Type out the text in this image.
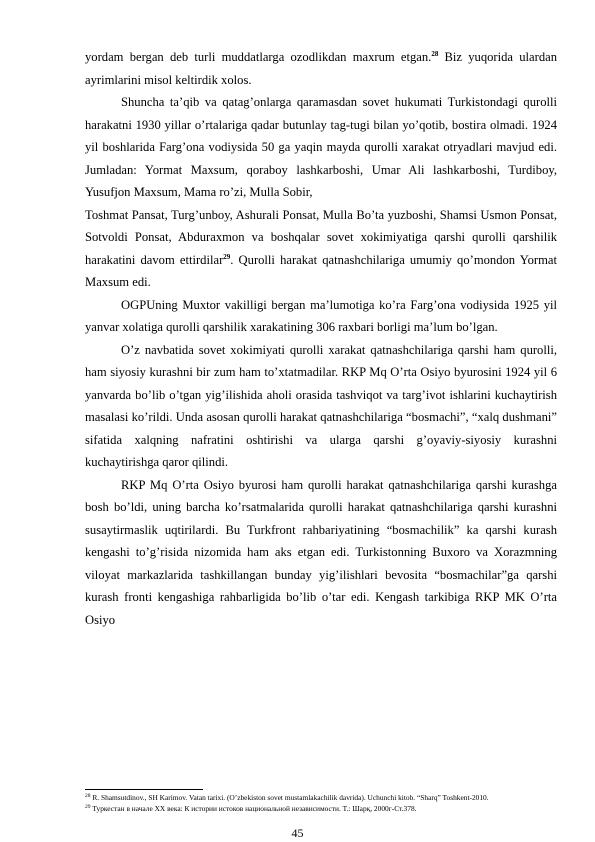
yordam bergan deb turli muddatlarga ozodlikdan maxrum etgan.$^{28}$ Biz yuqorida ulardan ayrimlarini misol keltirdik xolos.

Shuncha ta’qib va qatag’onlarga qaramasdan sovet hukumati Turkistondagi qurolli harakatni 1930 yillar o’rtalariga qadar butunlay tag-tugi bilan yo’qotib, bostira olmadi. 1924 yil boshlarida Farg’ona vodiysida 50 ga yaqin mayda qurolli xarakat otryadlari mavjud edi. Jumladan: Yormat Maxsum, qoraboy lashkarboshi, Umar Ali lashkarboshi, Turdiboy, Yusufjon Maxsum, Mama ro’zi, Mulla Sobir,

Toshmat Pansat, Turg’unboy, Ashurali Ponsat, Mulla Bo’ta yuzboshi, Shamsi Usmon Ponsat, Sotvoldi Ponsat, Abduraxmon va boshqalar sovet xokimiyatiga qarshi qurolli qarshilik harakatini davom ettirdilar$^{29}$. Qurolli harakat qatnashchilariga umumiy qo’mondon Yormat Maxsum edi.

OGPUning Muxtor vakilligi bergan ma’lumotiga ko’ra Farg’ona vodiysida 1925 yil yanvar xolatiga qurolli qarshilik xarakatining 306 raxbari borligi ma’lum bo’lgan.

O’z navbatida sovet xokimiyati qurolli xarakat qatnashchilariga qarshi ham qurolli, ham siyosiy kurashni bir zum ham to’xtatmadilar. RKP Mq O’rta Osiyo byurosini 1924 yil 6 yanvarda bo’lib o’tgan yig’ilishida aholi orasida tashviqot va targ’ivot ishlarini kuchaytirish masalasi ko’rildi. Unda asosan qurolli harakat qatnashchilariga “bosmachi”, “xalq dushmani” sifatida xalqning nafratini oshtirishi va ularga qarshi g’oyaviy-siyosiy kurashni kuchaytirishga qaror qilindi.

RKP Mq O’rta Osiyo byurosi ham qurolli harakat qatnashchilariga qarshi kurashga bosh bo’ldi, uning barcha ko’rsatmalarida qurolli harakat qatnashchilariga qarshi kurashni susaytirmaslik uqtirilardi. Bu Turkfront rahbariyatining “bosmachilik” ka qarshi kurash kengashi to’g’risida nizomida ham aks etgan edi. Turkistonning Buxoro va Xorazmning viloyat markazlarida tashkillangan bunday yig’ilishlari bevosita “bosmachilar”ga qarshi kurash fronti kengashiga rahbarligida bo’lib o’tar edi. Kengash tarkibiga RKP MK O’rta Osiyo

$^{28}$ R. Shamsutdinov., SH Karimov. Vatan tarixi. (O’zbekiston sovet mustamlakachilik davrida). Uchunchi kitob. “Sharq” Toshkent-2010.

$^{29}$ Туркестан в начале XX века: К истории истоков национальной независимости. Т.: Шарқ, 2000г-Ст.378.

45
